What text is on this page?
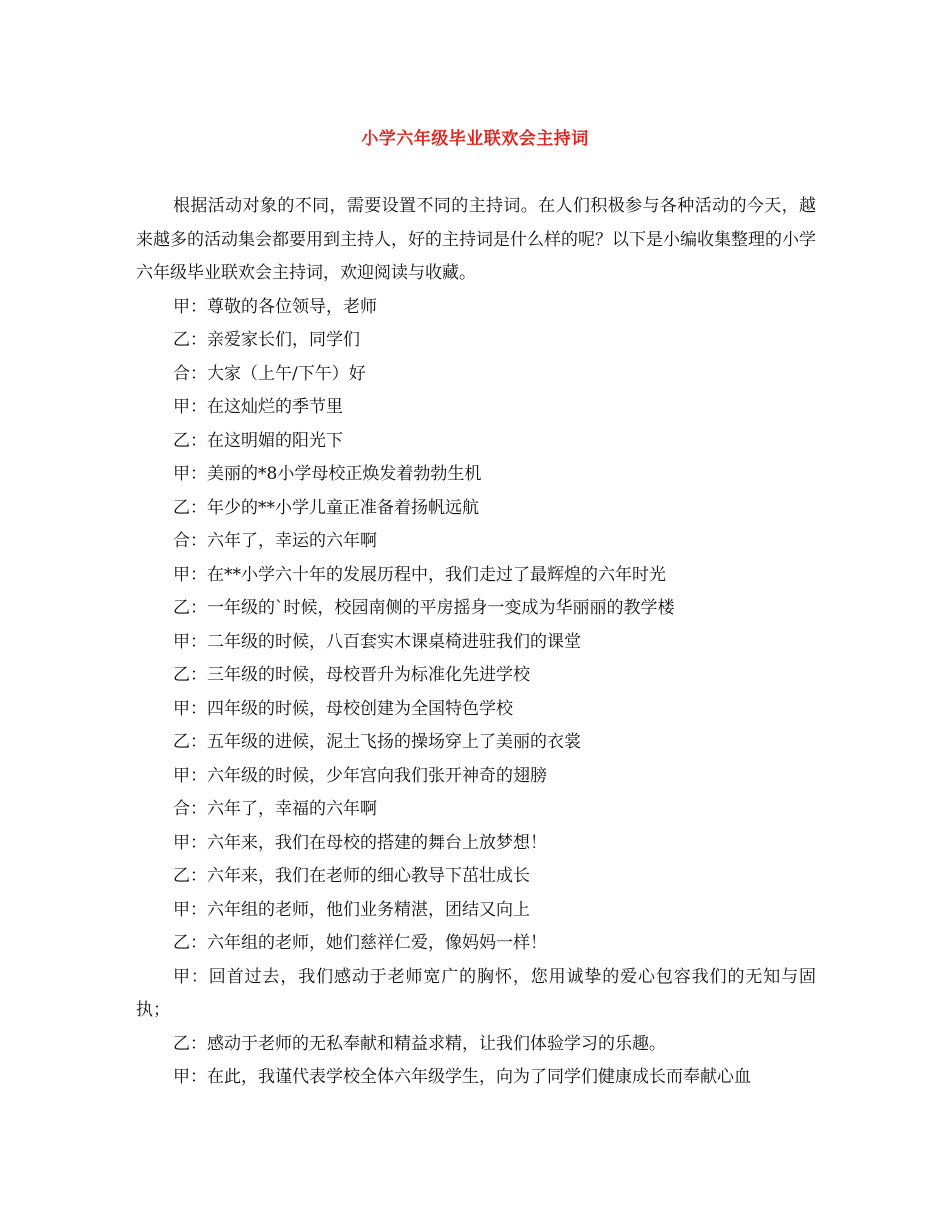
小学六年级毕业联欢会主持词

根据活动对象的不同，需要设置不同的主持词。在人们积极参与各种活动的今天，越来越多的活动集会都要用到主持人，好的主持词是什么样的呢？以下是小编收集整理的小学六年级毕业联欢会主持词，欢迎阅读与收藏。

甲：尊敬的各位领导，老师

乙：亲爱家长们，同学们

合：大家（上午/下午）好

甲：在这灿烂的季节里

乙：在这明媚的阳光下

甲：美丽的*8小学母校正焕发着勃勃生机

乙：年少的**小学儿童正准备着扬帆远航

合：六年了，幸运的六年啊

甲：在**小学六十年的发展历程中，我们走过了最辉煌的六年时光

乙：一年级的`时候，校园南侧的平房摇身一变成为华丽丽的教学楼

甲：二年级的时候，八百套实木课桌椅进驻我们的课堂

乙：三年级的时候，母校晋升为标准化先进学校

甲：四年级的时候，母校创建为全国特色学校

乙：五年级的进候，泥土飞扬的操场穿上了美丽的衣裳

甲：六年级的时候，少年宫向我们张开神奇的翅膀

合：六年了，幸福的六年啊

甲：六年来，我们在母校的搭建的舞台上放梦想！

乙：六年来，我们在老师的细心教导下茁壮成长

甲：六年组的老师，他们业务精湛，团结又向上

乙：六年组的老师，她们慈祥仁爱，像妈妈一样！

甲：回首过去，我们感动于老师宽广的胸怀，您用诚挚的爱心包容我们的无知与固执；

乙：感动于老师的无私奉献和精益求精，让我们体验学习的乐趣。

甲：在此，我谨代表学校全体六年级学生，向为了同学们健康成长而奉献心血
